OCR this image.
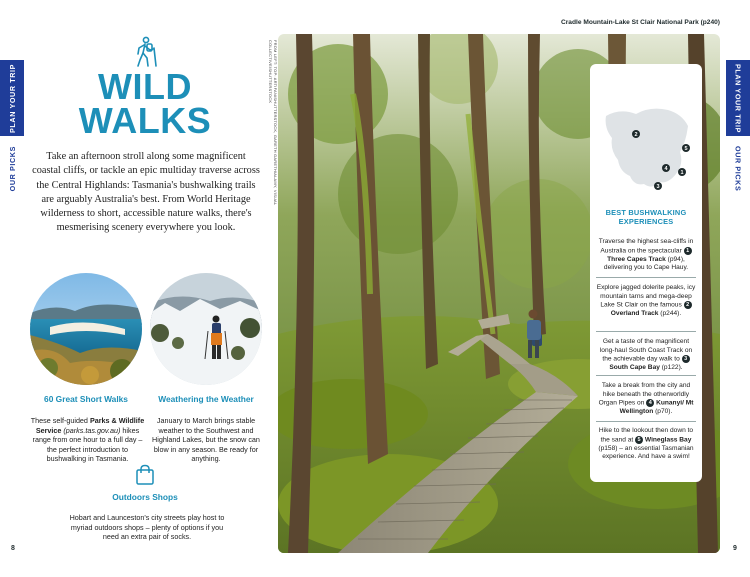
PLAN YOUR TRIP
OUR PICKS
PLAN YOUR TRIP
OUR PICKS
WILD
WALKS

Take an afternoon stroll along some magnificent coastal cliffs, or tackle an epic multiday traverse across the Central Highlands: Tasmania's bushwalking trails are arguably Australia's best. From World Heritage wilderness to short, accessible nature walks, there's mesmerising scenery everywhere you look.

60 Great Short Walks

These self-guided Parks & Wildlife Service (parks.tas.gov.au) hikes range from one hour to a full day – the perfect introduction to bushwalking in Tasmania.

Weathering the Weather

January to March brings stable weather to the Southwest and Highland Lakes, but the snow can blow in any season. Be ready for anything.

Outdoors Shops

Hobart and Launceston's city streets play host to myriad outdoors shops – plenty of options if you need an extra pair of socks.

8	9
FROM LEFT: TOP: ARTIFAN/SHUTTERSTOCK, GARETH GARETH/ALAMY, VISUAL COLLECTIVE/SHUTTERSTOCK
Cradle Mountain-Lake St Clair National Park (p240)
2
5
4
1
3
BEST BUSHWALKING
EXPERIENCES

Traverse the highest sea-cliffs in Australia on the spectacular 1 Three Capes Track (p94), delivering you to Cape Hauy.

Explore jagged dolerite peaks, icy mountain tarns and mega-deep Lake St Clair on the famous 2 Overland Track (p244).

Get a taste of the magnificent long-haul South Coast Track on the achievable day walk to 3 South Cape Bay (p122).

Take a break from the city and hike beneath the otherworldly Organ Pipes on 4 Kunanyi/ Mt Wellington (p70).

Hike to the lookout then down to the sand at 5 Wineglass Bay (p158) – an essential Tasmanian experience. And have a swim!
